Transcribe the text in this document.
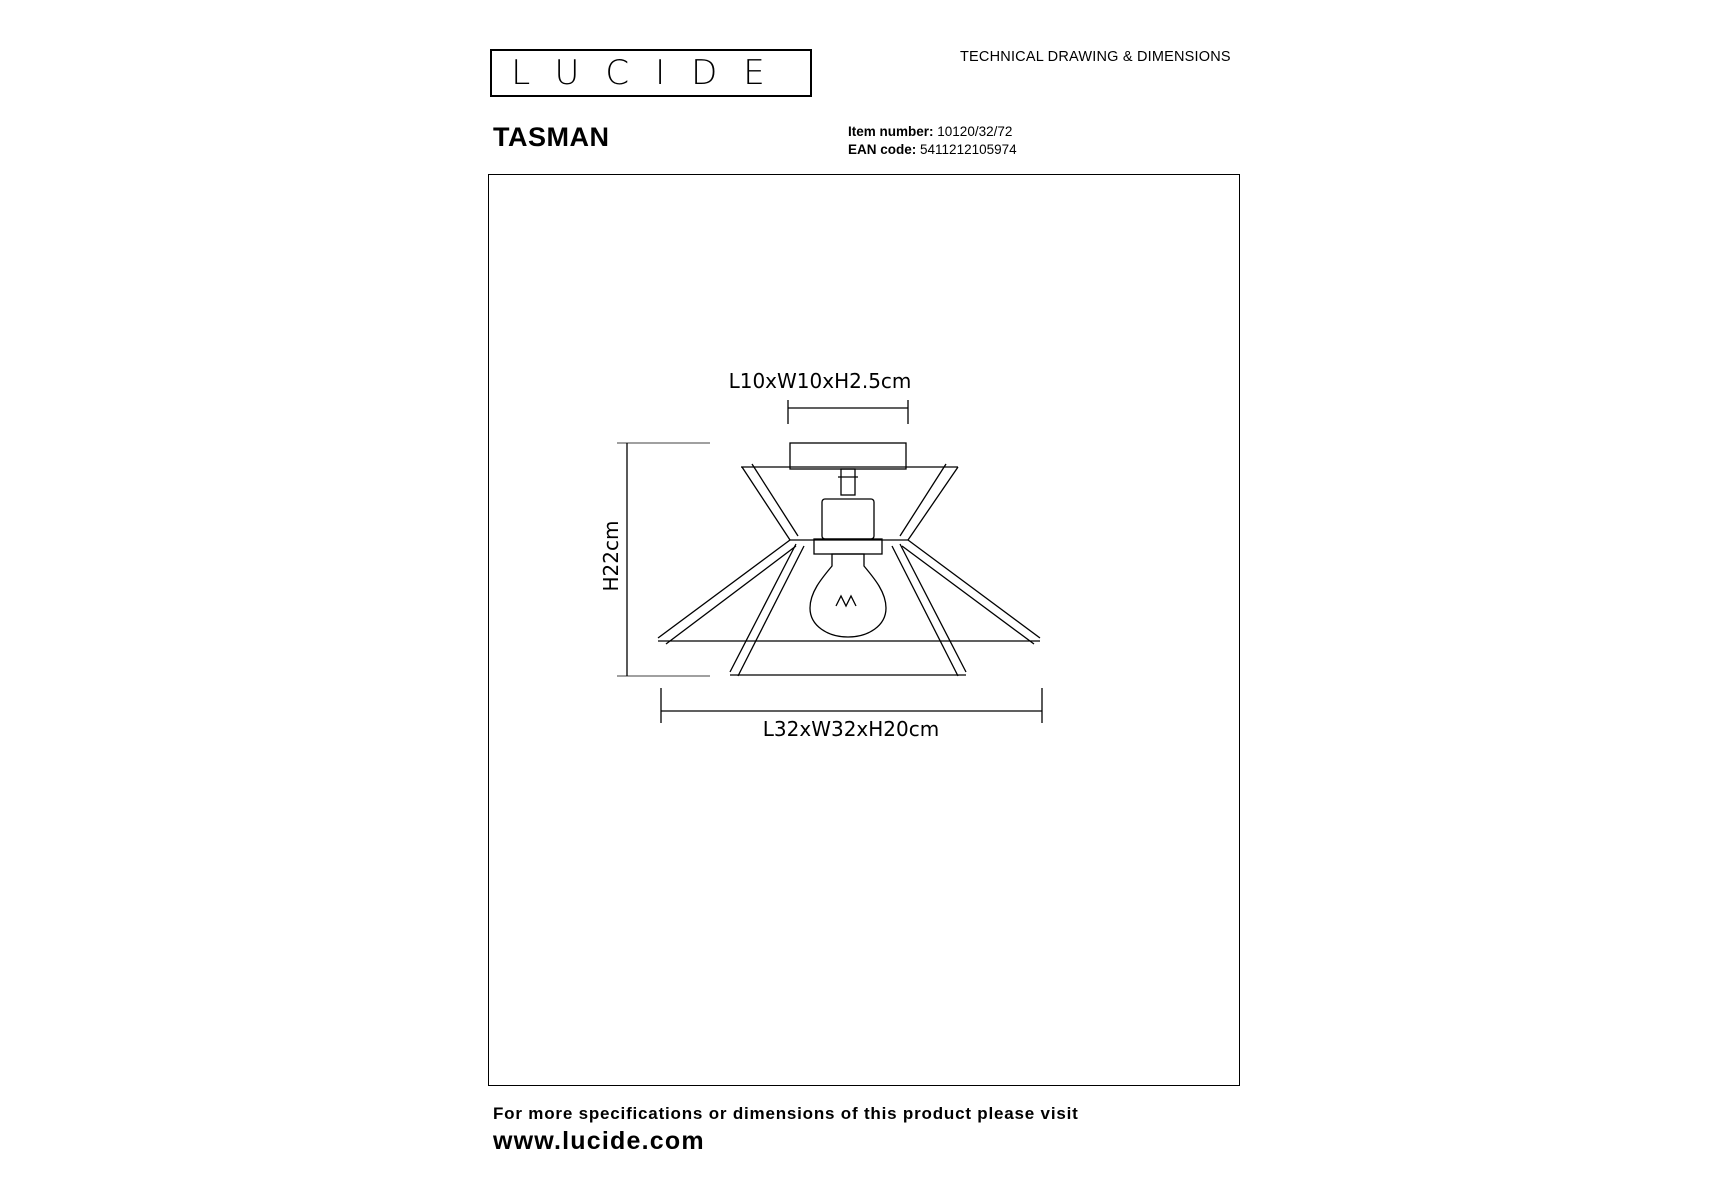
LUCIDE	TECHNICAL DRAWING & DIMENSIONS
TASMAN	Item number: 10120/32/72
EAN code: 5411212105974
L10xW10xH2.5cm
H22cm
L32xW32xH20cm
For more specifications or dimensions of this product please visit
www.lucide.com
